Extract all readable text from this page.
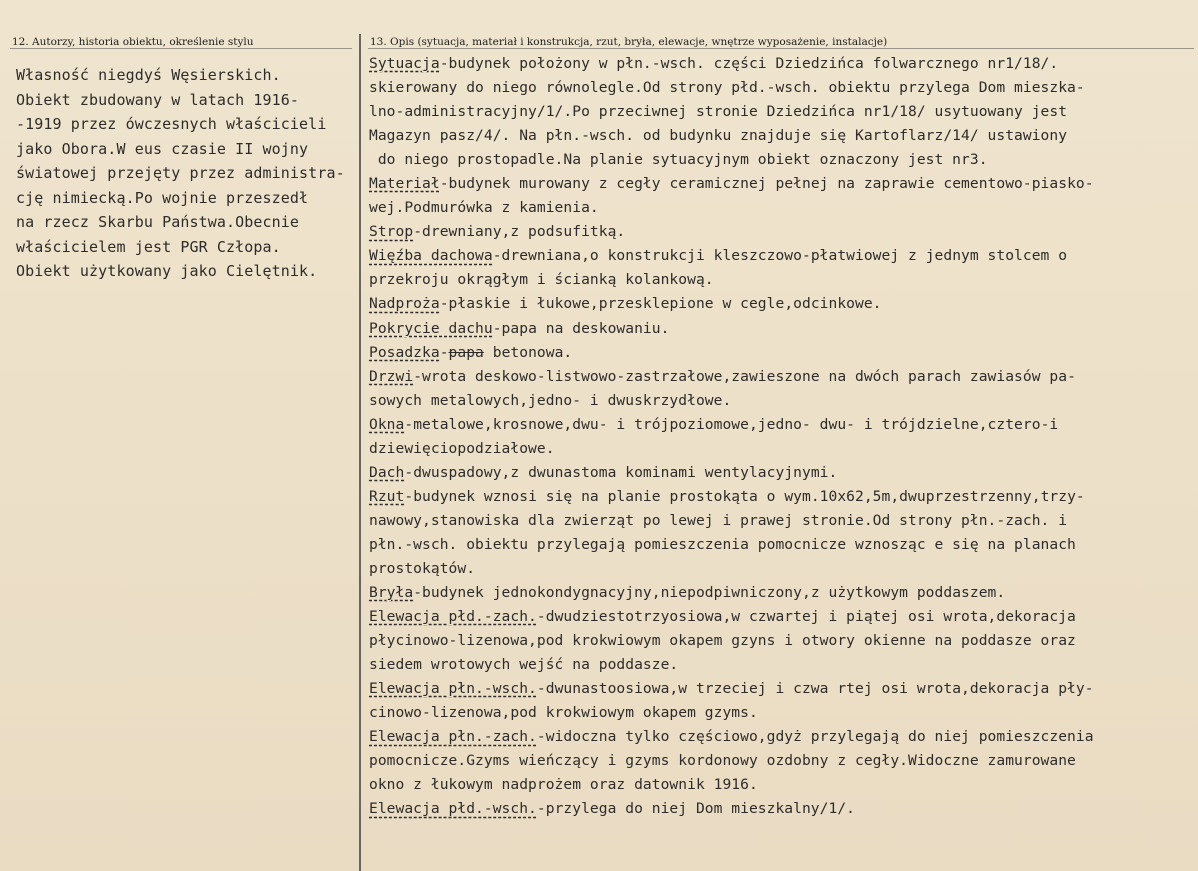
12. Autorzy, historia obiektu, określenie stylu	13. Opis (sytuacja, materiał i konstrukcja, rzut, bryła, elewacje, wnętrze wyposażenie, instalacje)
Własność niegdyś Węsierskich.
Obiekt zbudowany w latach 1916-
-1919 przez ówczesnych właścicieli
jako Obora.W eus czasie II wojny
światowej przejęty przez administra-
cję nimiecką.Po wojnie przeszedł
na rzecz Skarbu Państwa.Obecnie
właścicielem jest PGR Człopa.
Obiekt użytkowany jako Cielętnik.
Sytuacja-budynek położony w płn.-wsch. części Dziedzińca folwarcznego nr1/18/.
skierowany do niego równolegle.Od strony płd.-wsch. obiektu przylega Dom mieszka-
lno-administracyjny/1/.Po przeciwnej stronie Dziedzińca nr1/18/ usytuowany jest
Magazyn pasz/4/. Na płn.-wsch. od budynku znajduje się Kartoflarz/14/ ustawiony
do niego prostopadle.Na planie sytuacyjnym obiekt oznaczony jest nr3.
Materiał-budynek murowany z cegły ceramicznej pełnej na zaprawie cementowo-piasko-
wej.Podmurówka z kamienia.
Strop-drewniany,z podsufitką.
Więźba dachowa-drewniana,o konstrukcji kleszczowo-płatwiowej z jednym stolcem o
przekroju okrągłym i ścianką kolankową.
Nadproża-płaskie i łukowe,przesklepione w cegle,odcinkowe.
Pokrycie dachu-papa na deskowaniu.
Posadzka-papa betonowa.
Drzwi-wrota deskowo-listwowo-zastrzałowe,zawieszone na dwóch parach zawiasów pa-
sowych metalowych,jedno- i dwuskrzydłowe.
Okna-metalowe,krosnowe,dwu- i trójpoziomowe,jedno- dwu- i trójdzielne,cztero-i
dziewięciopodziałowe.
Dach-dwuspadowy,z dwunastoma kominami wentylacyjnymi.
Rzut-budynek wznosi się na planie prostokąta o wym.10x62,5m,dwuprzestrzenny,trzy-
nawowy,stanowiska dla zwierząt po lewej i prawej stronie.Od strony płn.-zach. i
płn.-wsch. obiektu przylegają pomieszczenia pomocnicze wznosząc e się na planach
prostokątów.
Bryła-budynek jednokondygnacyjny,niepodpiwniczony,z użytkowym poddaszem.
Elewacja płd.-zach.-dwudziestotrzyosiowa,w czwartej i piątej osi wrota,dekoracja
płycinowo-lizenowa,pod krokwiowym okapem gzyns i otwory okienne na poddasze oraz
siedem wrotowych wejść na poddasze.
Elewacja płn.-wsch.-dwunastoosiowa,w trzeciej i czwa rtej osi wrota,dekoracja pły-
cinowo-lizenowa,pod krokwiowym okapem gzyms.
Elewacja płn.-zach.-widoczna tylko częściowo,gdyż przylegają do niej pomieszczenia
pomocnicze.Gzyms wieńczący i gzyms kordonowy ozdobny z cegły.Widoczne zamurowane
okno z łukowym nadprożem oraz datownik 1916.
Elewacja płd.-wsch.-przylega do niej Dom mieszkalny/1/.
